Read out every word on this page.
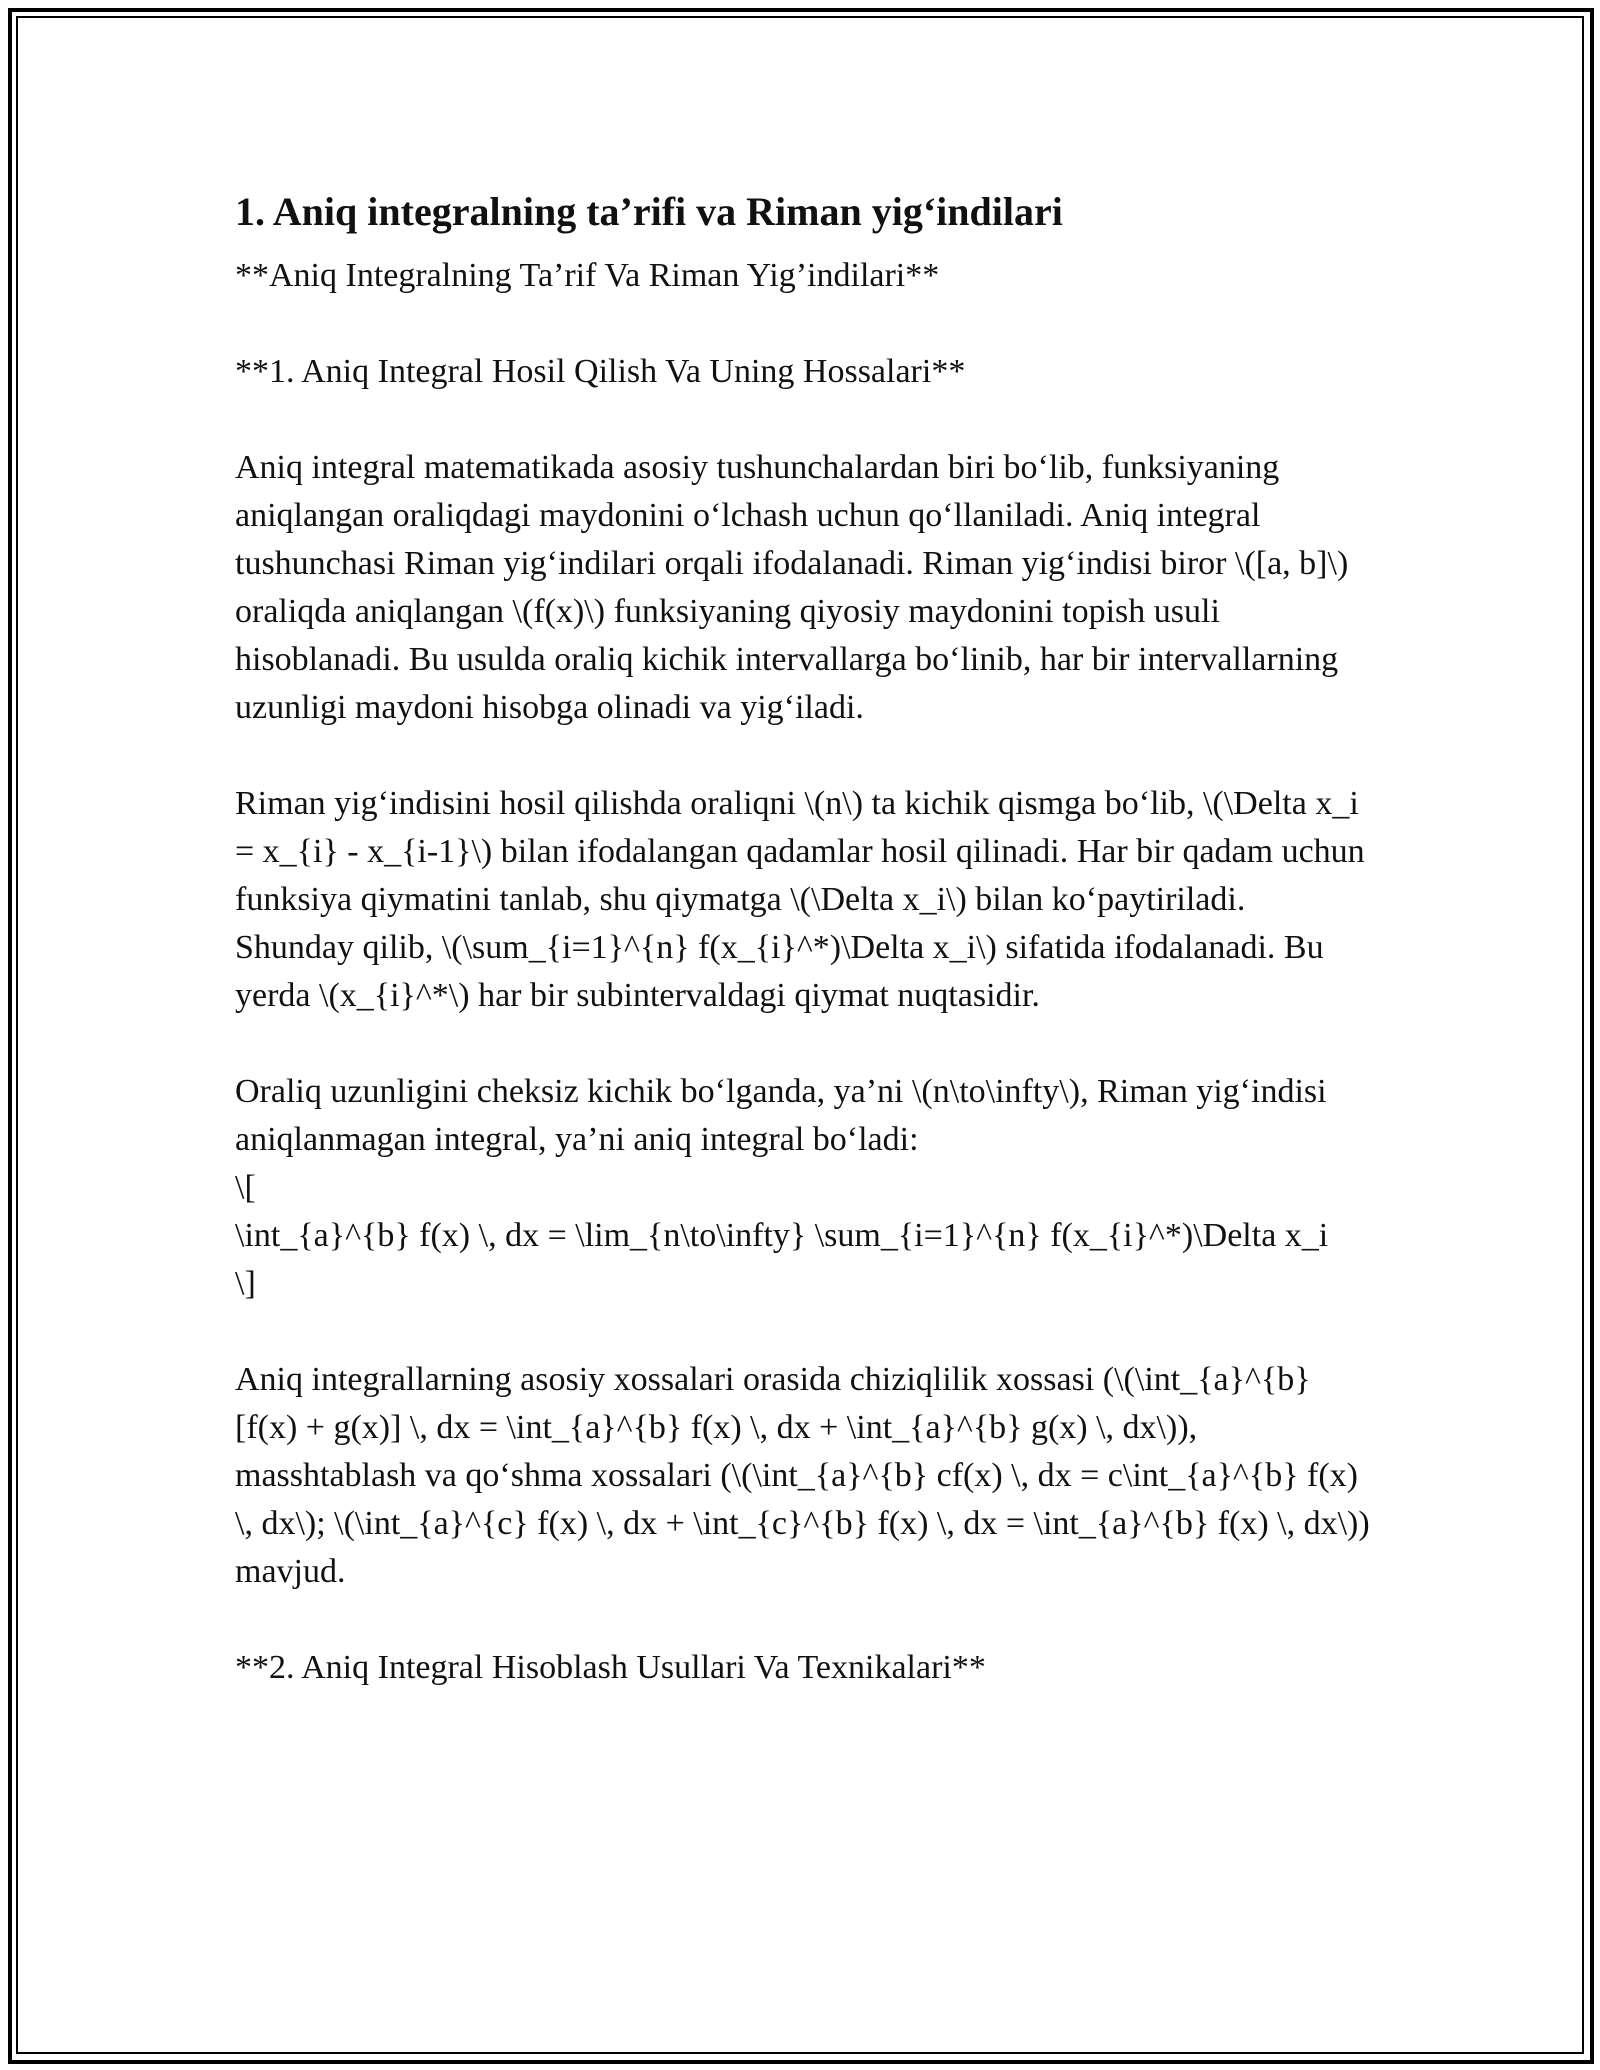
1. Aniq integralning ta’rifi va Riman yig‘indilari

**Aniq Integralning Ta’rif Va Riman Yig’indilari**

**1. Aniq Integral Hosil Qilish Va Uning Hossalari**

Aniq integral matematikada asosiy tushunchalardan biri bo‘lib, funksiyaning aniqlangan oraliqdagi maydonini o‘lchash uchun qo‘llaniladi. Aniq integral tushunchasi Riman yig‘indilari orqali ifodalanadi. Riman yig‘indisi biror \([a, b]\) oraliqda aniqlangan \(f(x)\) funksiyaning qiyosiy maydonini topish usuli hisoblanadi. Bu usulda oraliq kichik intervallarga bo‘linib, har bir intervallarning uzunligi maydoni hisobga olinadi va yig‘iladi.

Riman yig‘indisini hosil qilishda oraliqni \(n\) ta kichik qismga bo‘lib, \(\Delta x_i = x_{i} - x_{i-1}\) bilan ifodalangan qadamlar hosil qilinadi. Har bir qadam uchun funksiya qiymatini tanlab, shu qiymatga \(\Delta x_i\) bilan ko‘paytiriladi. Shunday qilib, \(\sum_{i=1}^{n} f(x_{i}^*)\Delta x_i\) sifatida ifodalanadi. Bu yerda \(x_{i}^*\) har bir subintervaldagi qiymat nuqtasidir.

Oraliq uzunligini cheksiz kichik bo‘lganda, ya’ni \(n\to\infty\), Riman yig‘indisi aniqlanmagan integral, ya’ni aniq integral bo‘ladi:
\[
\int_{a}^{b} f(x) \, dx = \lim_{n\to\infty} \sum_{i=1}^{n} f(x_{i}^*)\Delta x_i
\]

Aniq integrallarning asosiy xossalari orasida chiziqlilik xossasi (\(\int_{a}^{b} [f(x) + g(x)] \, dx = \int_{a}^{b} f(x) \, dx + \int_{a}^{b} g(x) \, dx\)), masshtablash va qo‘shma xossalari (\(\int_{a}^{b} cf(x) \, dx = c\int_{a}^{b} f(x) \, dx\); \(\int_{a}^{c} f(x) \, dx + \int_{c}^{b} f(x) \, dx = \int_{a}^{b} f(x) \, dx\)) mavjud.

**2. Aniq Integral Hisoblash Usullari Va Texnikalari**
